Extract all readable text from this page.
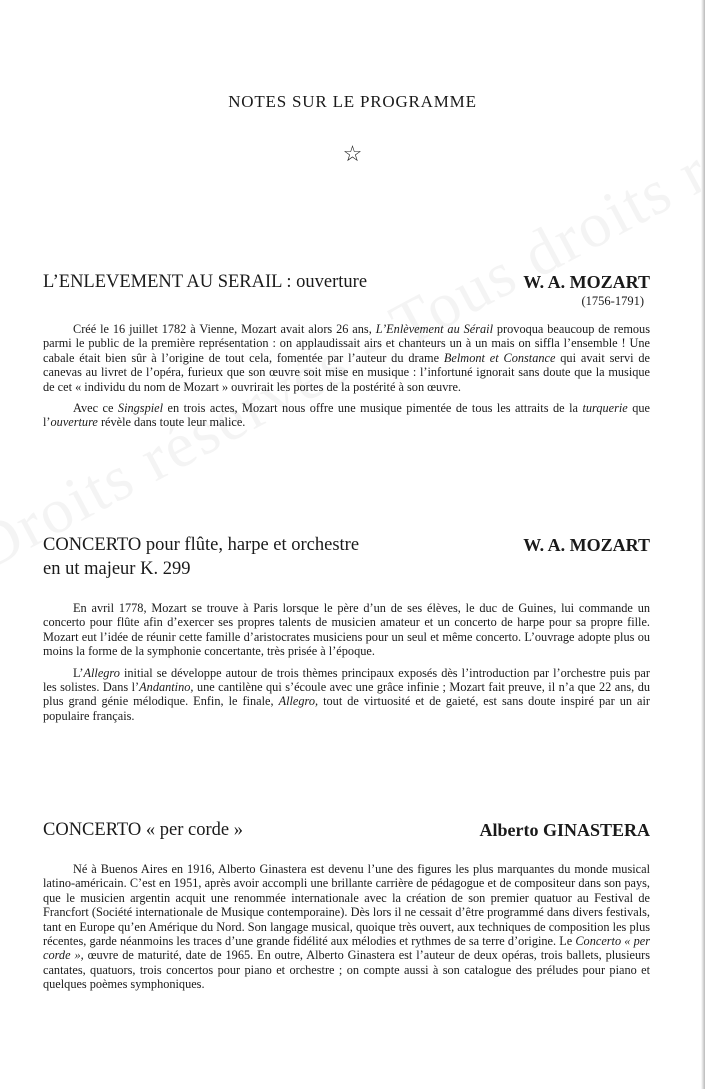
NOTES SUR LE PROGRAMME
☆
L’ENLEVEMENT AU SERAIL : ouverture	W. A. MOZART
(1756-1791)

Créé le 16 juillet 1782 à Vienne, Mozart avait alors 26 ans, L’Enlèvement au Sérail provoqua beaucoup de remous parmi le public de la première représentation : on applaudissait airs et chanteurs un à un mais on siffla l’ensemble ! Une cabale était bien sûr à l’origine de tout cela, fomentée par l’auteur du drame Belmont et Constance qui avait servi de canevas au livret de l’opéra, furieux que son œuvre soit mise en musique : l’infortuné ignorait sans doute que la musique de cet « individu du nom de Mozart » ouvrirait les portes de la postérité à son œuvre.

Avec ce Singspiel en trois actes, Mozart nous offre une musique pimentée de tous les attraits de la turquerie que l’ouverture révèle dans toute leur malice.

CONCERTO pour flûte, harpe et orchestre
en ut majeur K. 299
W. A. MOZART

En avril 1778, Mozart se trouve à Paris lorsque le père d’un de ses élèves, le duc de Guines, lui commande un concerto pour flûte afin d’exercer ses propres talents de musicien amateur et un concerto de harpe pour sa propre fille. Mozart eut l’idée de réunir cette famille d’aristocrates musiciens pour un seul et même concerto. L’ouvrage adopte plus ou moins la forme de la symphonie concertante, très prisée à l’époque.

L’Allegro initial se développe autour de trois thèmes principaux exposés dès l’introduction par l’orchestre puis par les solistes. Dans l’Andantino, une cantilène qui s’écoule avec une grâce infinie ; Mozart fait preuve, il n’a que 22 ans, du plus grand génie mélodique. Enfin, le finale, Allegro, tout de virtuosité et de gaieté, est sans doute inspiré par un air populaire français.

CONCERTO « per corde »	Alberto GINASTERA

Né à Buenos Aires en 1916, Alberto Ginastera est devenu l’une des figures les plus marquantes du monde musical latino-américain. C’est en 1951, après avoir accompli une brillante carrière de pédagogue et de compositeur dans son pays, que le musicien argentin acquit une renommée internationale avec la création de son premier quatuor au Festival de Francfort (Société internationale de Musique contemporaine). Dès lors il ne cessait d’être programmé dans divers festivals, tant en Europe qu’en Amérique du Nord. Son langage musical, quoique très ouvert, aux techniques de composition les plus récentes, garde néanmoins les traces d’une grande fidélité aux mélodies et rythmes de sa terre d’origine. Le Concerto « per corde », œuvre de maturité, date de 1965. En outre, Alberto Ginastera est l’auteur de deux opéras, trois ballets, plusieurs cantates, quatuors, trois concertos pour piano et orchestre ; on compte aussi à son catalogue des préludes pour piano et quelques poèmes symphoniques.
